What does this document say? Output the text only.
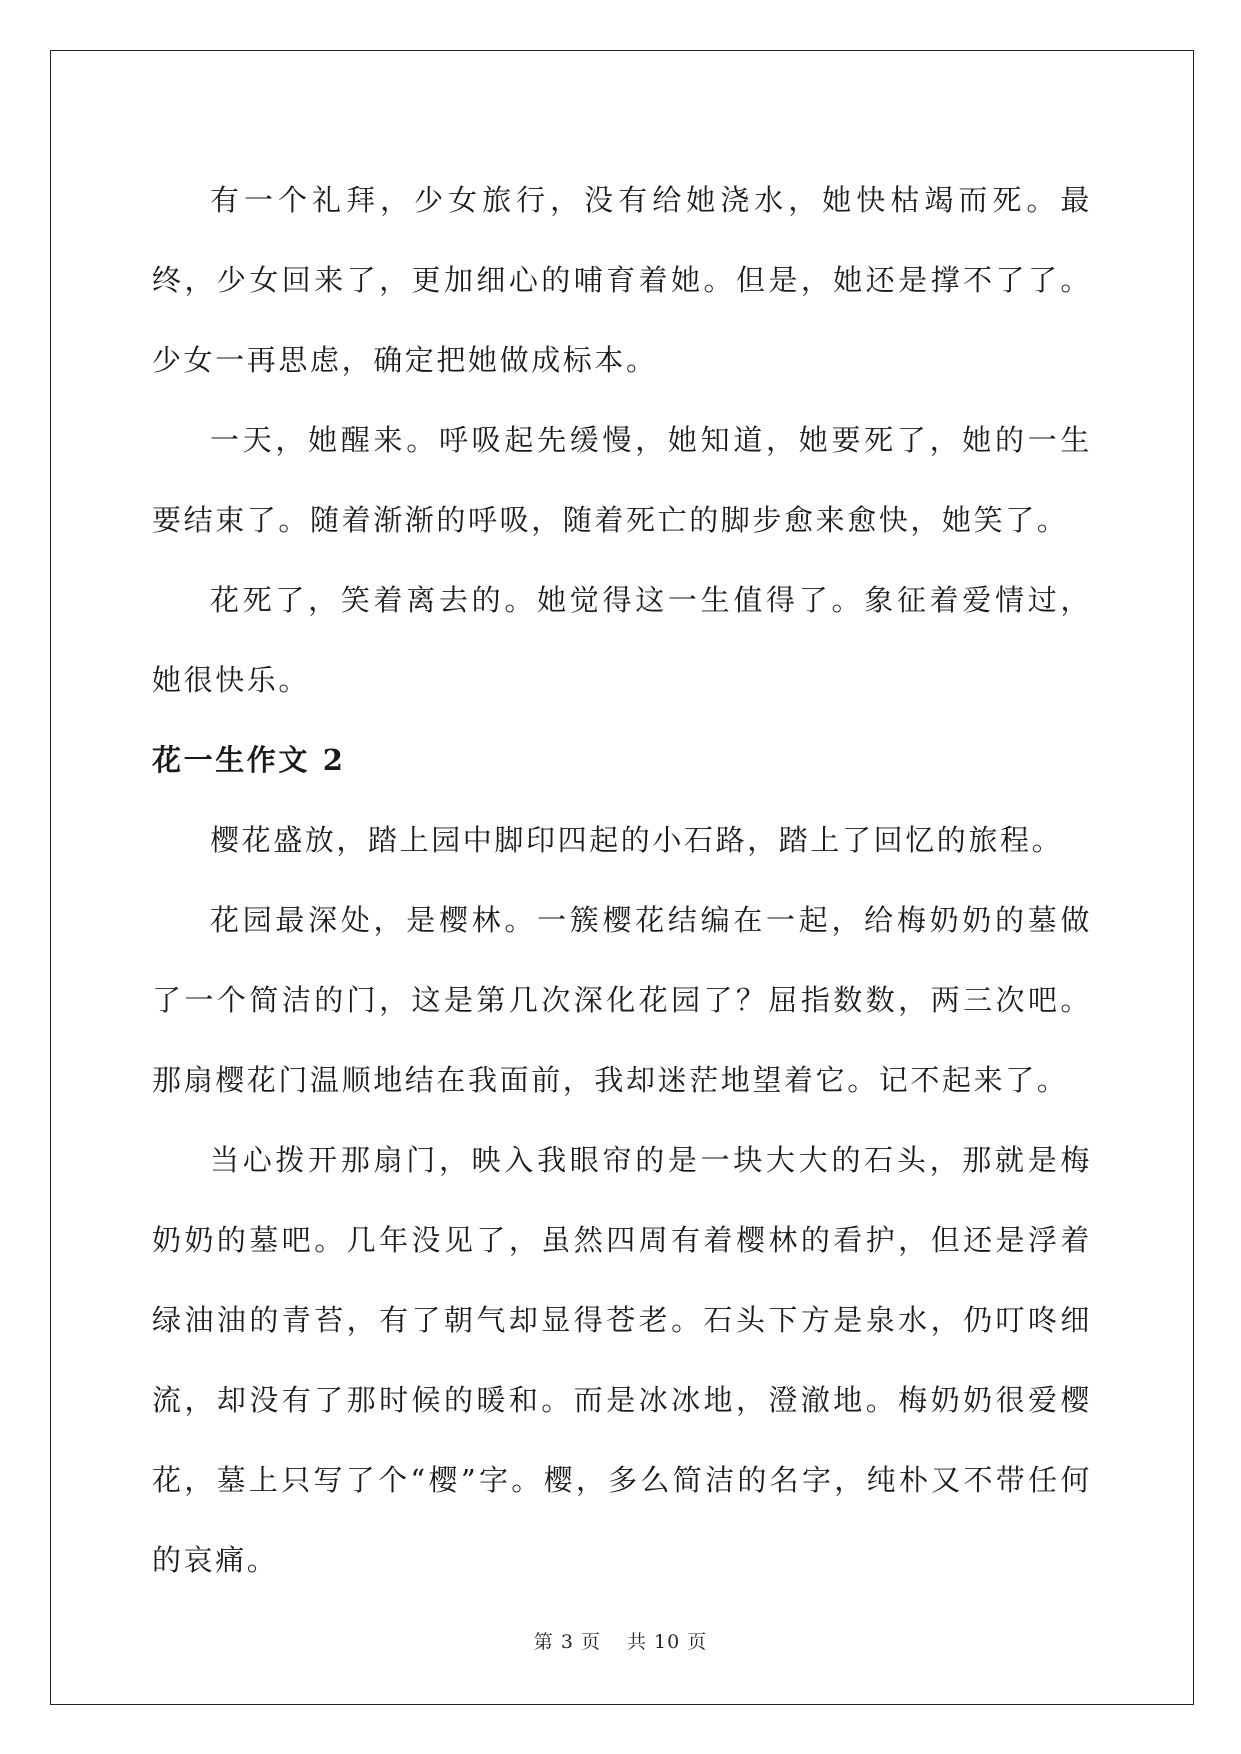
有一个礼拜，少女旅行，没有给她浇水，她快枯竭而死。最终，少女回来了，更加细心的哺育着她。但是，她还是撑不了了。少女一再思虑，确定把她做成标本。

一天，她醒来。呼吸起先缓慢，她知道，她要死了，她的一生要结束了。随着渐渐的呼吸，随着死亡的脚步愈来愈快，她笑了。

花死了，笑着离去的。她觉得这一生值得了。象征着爱情过，她很快乐。

花一生作文 2

樱花盛放，踏上园中脚印四起的小石路，踏上了回忆的旅程。

花园最深处，是樱林。一簇樱花结编在一起，给梅奶奶的墓做了一个简洁的门，这是第几次深化花园了？屈指数数，两三次吧。那扇樱花门温顺地结在我面前，我却迷茫地望着它。记不起来了。

当心拨开那扇门，映入我眼帘的是一块大大的石头，那就是梅奶奶的墓吧。几年没见了，虽然四周有着樱林的看护，但还是浮着绿油油的青苔，有了朝气却显得苍老。石头下方是泉水，仍叮咚细流，却没有了那时候的暖和。而是冰冰地，澄澈地。梅奶奶很爱樱花，墓上只写了个“樱”字。樱，多么简洁的名字，纯朴又不带任何的哀痛。

第 3 页 共 10 页
